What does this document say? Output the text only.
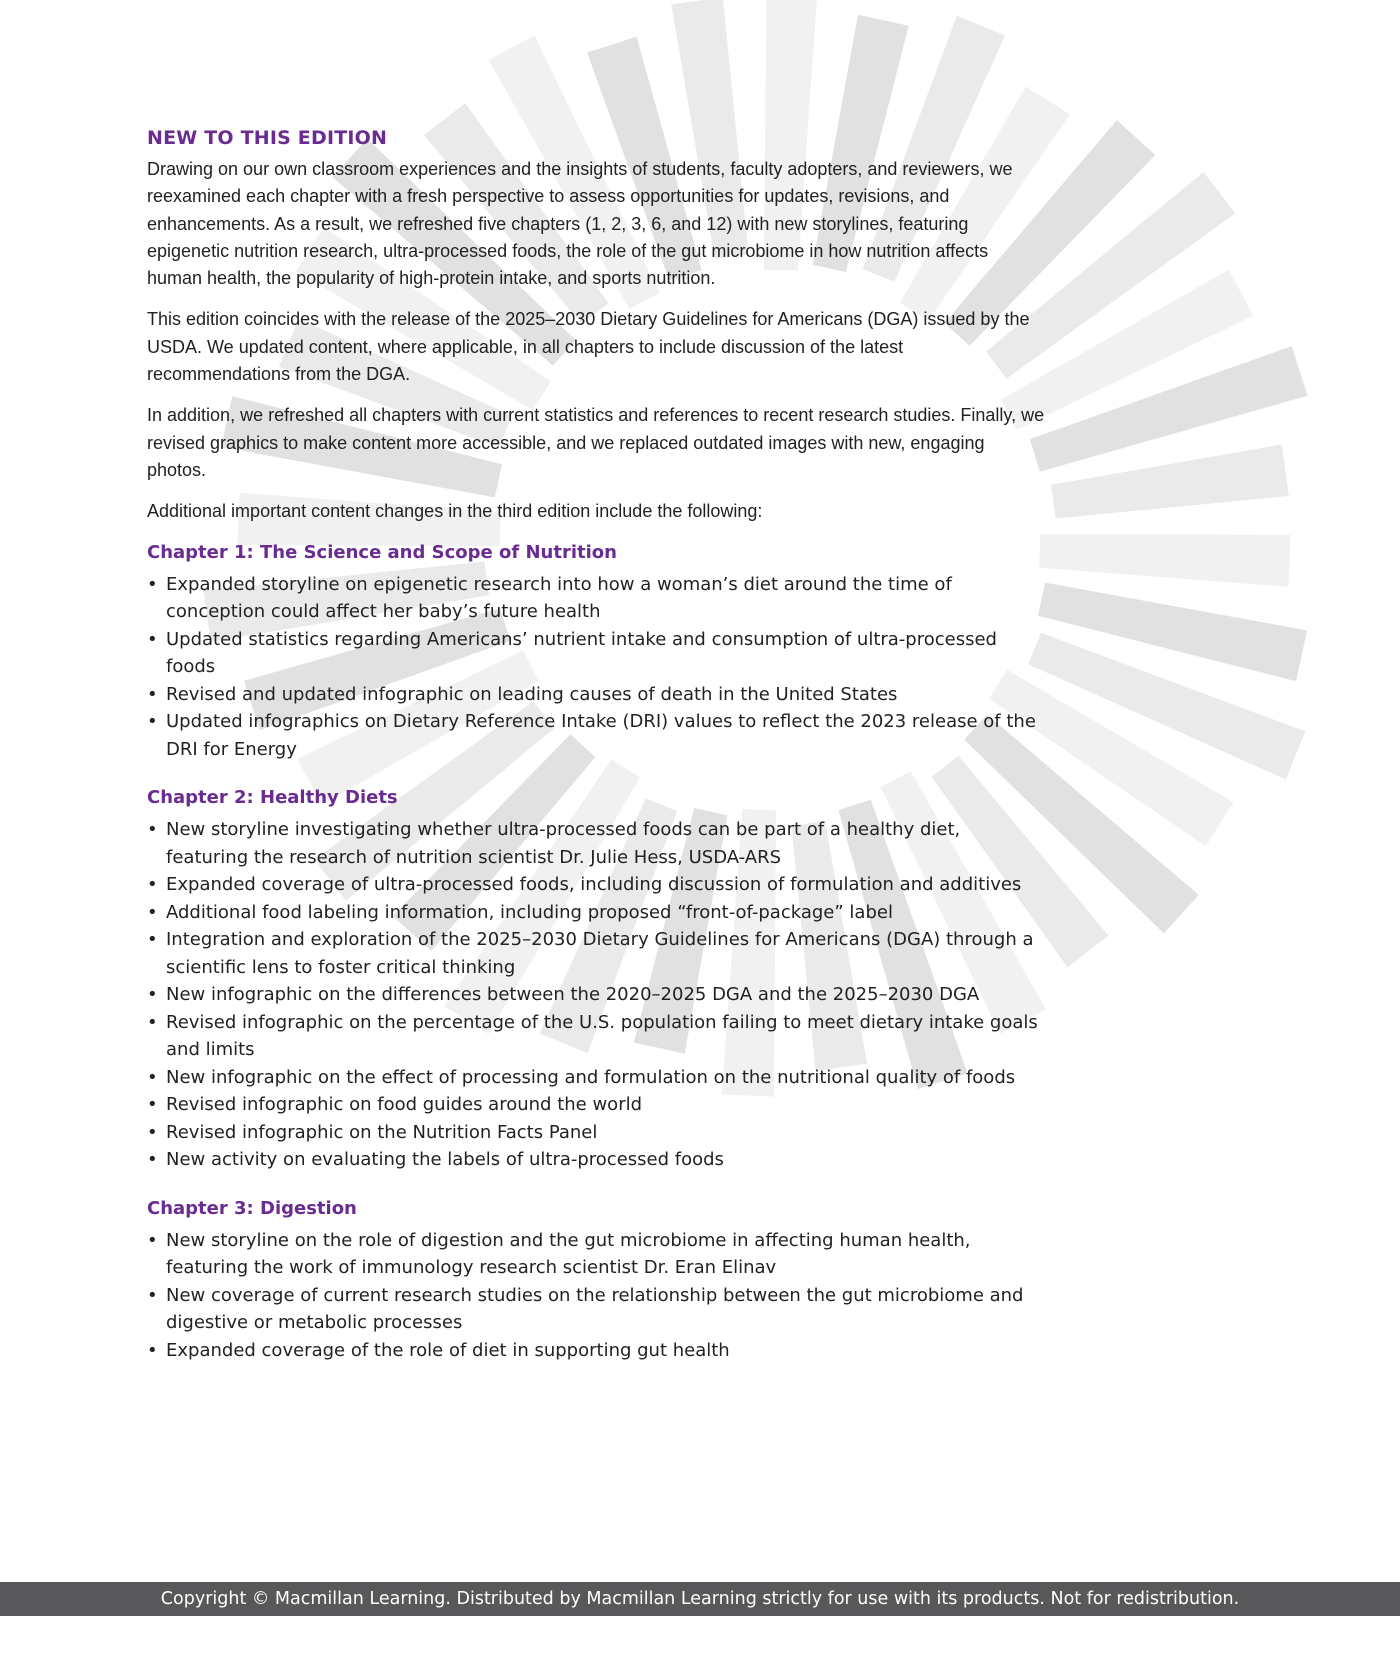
NEW TO THIS EDITION

Drawing on our own classroom experiences and the insights of students, faculty adopters, and reviewers, we reexamined each chapter with a fresh perspective to assess opportunities for updates, revisions, and enhancements. As a result, we refreshed five chapters (1, 2, 3, 6, and 12) with new storylines, featuring epigenetic nutrition research, ultra-processed foods, the role of the gut microbiome in how nutrition affects human health, the popularity of high-protein intake, and sports nutrition.

This edition coincides with the release of the 2025–2030 Dietary Guidelines for Americans (DGA) issued by the USDA. We updated content, where applicable, in all chapters to include discussion of the latest recommendations from the DGA.

In addition, we refreshed all chapters with current statistics and references to recent research studies. Finally, we revised graphics to make content more accessible, and we replaced outdated images with new, engaging photos.

Additional important content changes in the third edition include the following:

Chapter 1: The Science and Scope of Nutrition
• Expanded storyline on epigenetic research into how a woman’s diet around the time of conception could affect her baby’s future health
• Updated statistics regarding Americans’ nutrient intake and consumption of ultra-processed foods
• Revised and updated infographic on leading causes of death in the United States
• Updated infographics on Dietary Reference Intake (DRI) values to reflect the 2023 release of the DRI for Energy
Chapter 2: Healthy Diets
• New storyline investigating whether ultra-processed foods can be part of a healthy diet, featuring the research of nutrition scientist Dr. Julie Hess, USDA-ARS
• Expanded coverage of ultra-processed foods, including discussion of formulation and additives
• Additional food labeling information, including proposed “front-of-package” label
• Integration and exploration of the 2025–2030 Dietary Guidelines for Americans (DGA) through a scientific lens to foster critical thinking
• New infographic on the differences between the 2020–2025 DGA and the 2025–2030 DGA
• Revised infographic on the percentage of the U.S. population failing to meet dietary intake goals and limits
• New infographic on the effect of processing and formulation on the nutritional quality of foods
• Revised infographic on food guides around the world
• Revised infographic on the Nutrition Facts Panel
• New activity on evaluating the labels of ultra-processed foods
Chapter 3: Digestion
• New storyline on the role of digestion and the gut microbiome in affecting human health, featuring the work of immunology research scientist Dr. Eran Elinav
• New coverage of current research studies on the relationship between the gut microbiome and digestive or metabolic processes
• Expanded coverage of the role of diet in supporting gut health
Copyright © Macmillan Learning. Distributed by Macmillan Learning strictly for use with its products. Not for redistribution.
